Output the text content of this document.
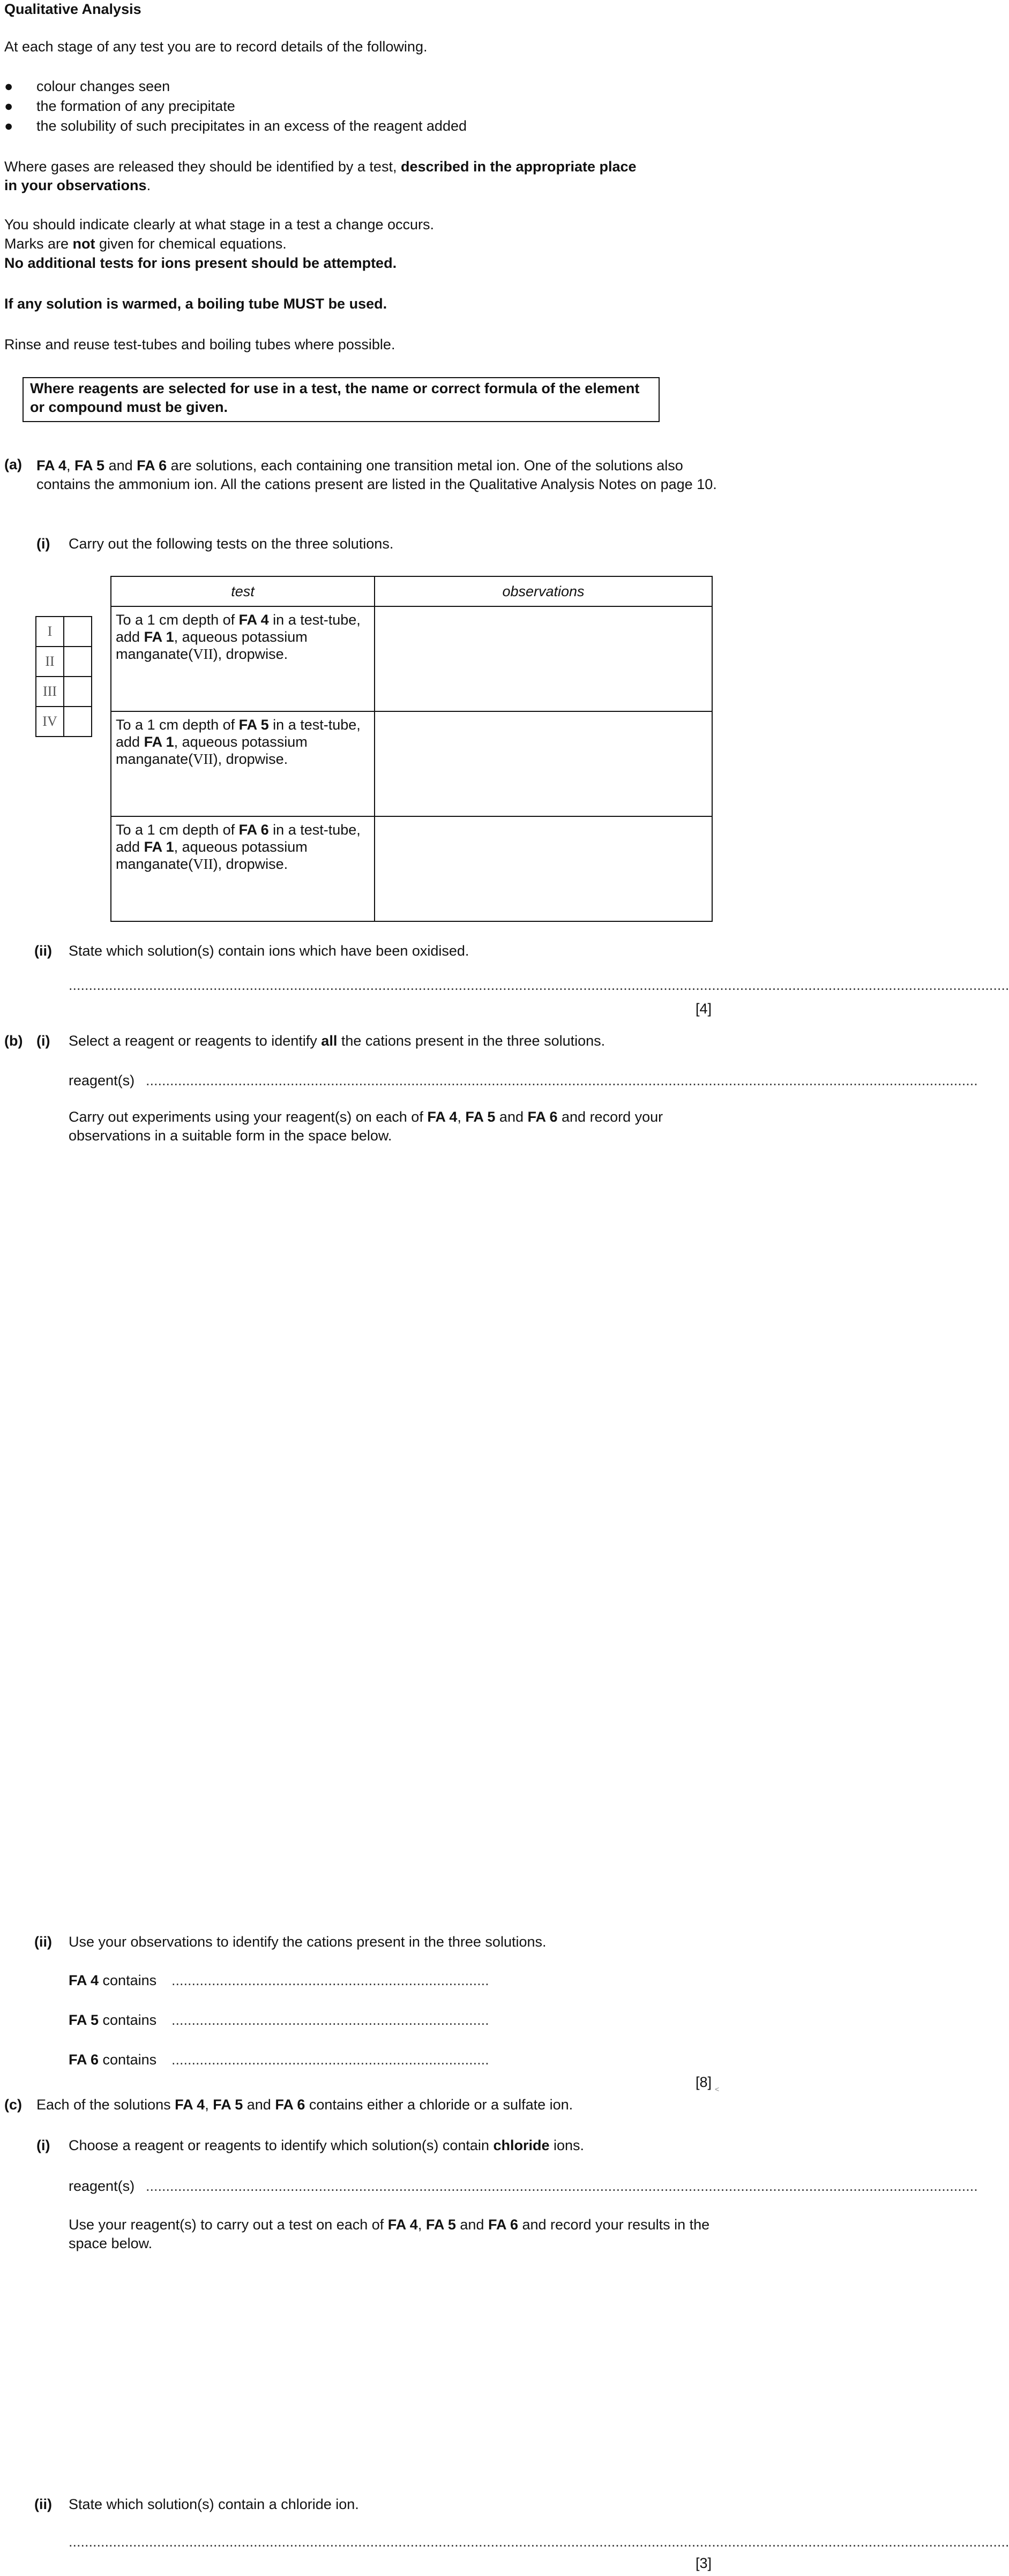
Qualitative Analysis
At each stage of any test you are to record details of the following.
● colour changes seen
● the formation of any precipitate
● the solubility of such precipitates in an excess of the reagent added
Where gases are released they should be identified by a test, described in the appropriate place
in your observations.
You should indicate clearly at what stage in a test a change occurs.
Marks are not given for chemical equations.
No additional tests for ions present should be attempted.
If any solution is warmed, a boiling tube MUST be used.
Rinse and reuse test-tubes and boiling tubes where possible.
Where reagents are selected for use in a test, the name or correct formula of the element or compound must be given.
(a) FA 4, FA 5 and FA 6 are solutions, each containing one transition metal ion. One of the solutions also contains the ammonium ion. All the cations present are listed in the Qualitative Analysis Notes on page 10.
(i) Carry out the following tests on the three solutions.
I	
II	
III	
IV	
test	observations

To a 1 cm depth of FA 4 in a test-tube, add FA 1, aqueous potassium manganate(VII), dropwise.	

To a 1 cm depth of FA 5 in a test-tube, add FA 1, aqueous potassium manganate(VII), dropwise.	

To a 1 cm depth of FA 6 in a test-tube, add FA 1, aqueous potassium manganate(VII), dropwise.	

(ii) State which solution(s) contain ions which have been oxidised.
..........................................................................................................................................................................................................................................
[4]
(b) (i) Select a reagent or reagents to identify all the cations present in the three solutions.
reagent(s) ...............................................................................................................................................................................................................
Carry out experiments using your reagent(s) on each of FA 4, FA 5 and FA 6 and record your observations in a suitable form in the space below.
(ii) Use your observations to identify the cations present in the three solutions.
FA 4 contains ...............................................................................
FA 5 contains ...............................................................................
FA 6 contains ...............................................................................
[8] <
(c) Each of the solutions FA 4, FA 5 and FA 6 contains either a chloride or a sulfate ion.
(i) Choose a reagent or reagents to identify which solution(s) contain chloride ions.
reagent(s) ...............................................................................................................................................................................................................
Use your reagent(s) to carry out a test on each of FA 4, FA 5 and FA 6 and record your results in the space below.
(ii) State which solution(s) contain a chloride ion.
..........................................................................................................................................................................................................................................
[3]
